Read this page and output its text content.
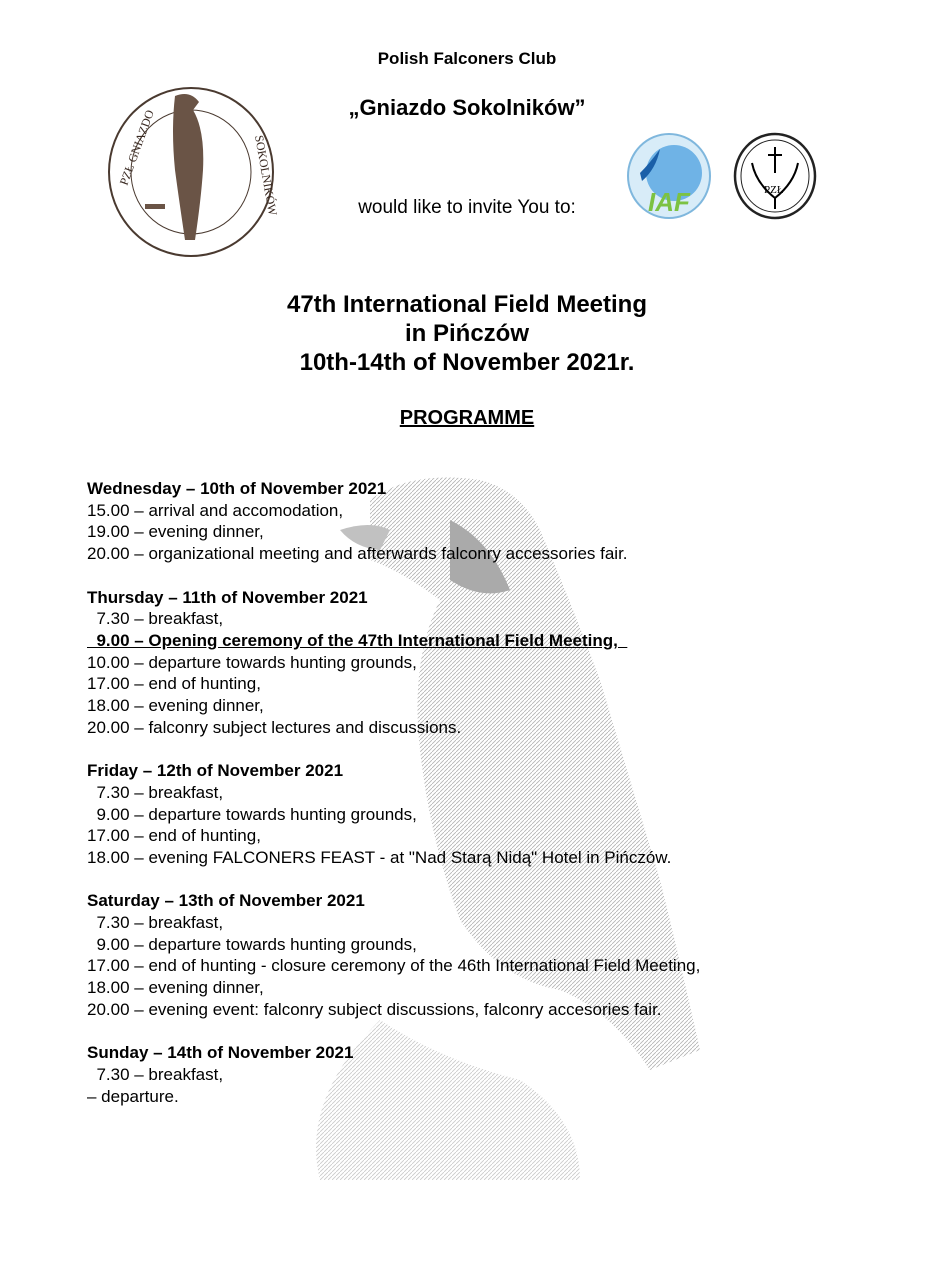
Polish Falconers Club
„Gniazdo Sokolników”
would like to invite You to:
PZŁ GNIAZDO	SOKOLNIKÓW	IAF	PZŁ
47th International Field Meeting
in Pińczów
10th-14th of November 2021r.
PROGRAMME
Wednesday – 10th of November 2021
15.00 – arrival and accomodation,
19.00 – evening dinner,
20.00 – organizational meeting and afterwards falconry accessories fair.
Thursday – 11th of November 2021
7.30 – breakfast,
9.00 – Opening ceremony of the 47th International Field Meeting,
10.00 – departure towards hunting grounds,
17.00 – end of hunting,
18.00 – evening dinner,
20.00 – falconry subject lectures and discussions.
Friday – 12th of November 2021
7.30 – breakfast,
9.00 – departure towards hunting grounds,
17.00 – end of hunting,
18.00 – evening FALCONERS FEAST - at "Nad Starą Nidą" Hotel in Pińczów.
Saturday – 13th of November 2021
7.30 – breakfast,
9.00 – departure towards hunting grounds,
17.00 – end of hunting - closure ceremony of the 46th International Field Meeting,
18.00 – evening dinner,
20.00 – evening event: falconry subject discussions, falconry accesories fair.
Sunday – 14th of November 2021
7.30 – breakfast,
– departure.
